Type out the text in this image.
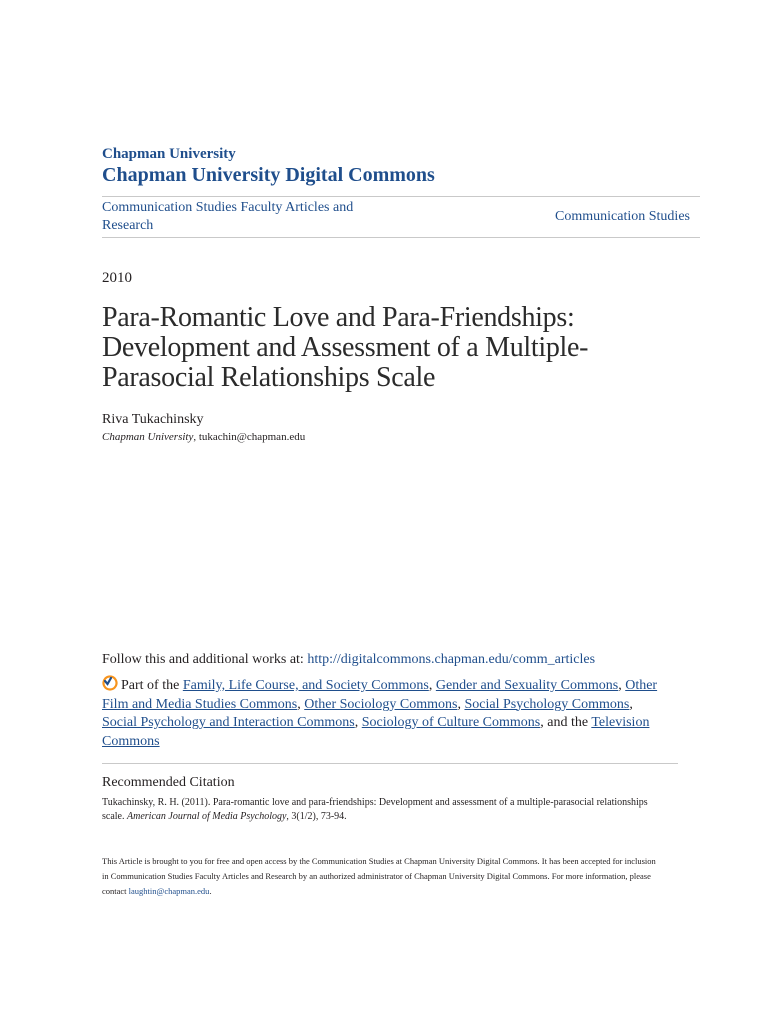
Chapman University
Chapman University Digital Commons
Communication Studies Faculty Articles and Research
Communication Studies
2010
Para-Romantic Love and Para-Friendships: Development and Assessment of a Multiple-Parasocial Relationships Scale
Riva Tukachinsky
Chapman University, tukachin@chapman.edu
Follow this and additional works at: http://digitalcommons.chapman.edu/comm_articles
Part of the Family, Life Course, and Society Commons, Gender and Sexuality Commons, Other Film and Media Studies Commons, Other Sociology Commons, Social Psychology Commons, Social Psychology and Interaction Commons, Sociology of Culture Commons, and the Television Commons
Recommended Citation
Tukachinsky, R. H. (2011). Para-romantic love and para-friendships: Development and assessment of a multiple-parasocial relationships scale. American Journal of Media Psychology, 3(1/2), 73-94.
This Article is brought to you for free and open access by the Communication Studies at Chapman University Digital Commons. It has been accepted for inclusion in Communication Studies Faculty Articles and Research by an authorized administrator of Chapman University Digital Commons. For more information, please contact laughtin@chapman.edu.
